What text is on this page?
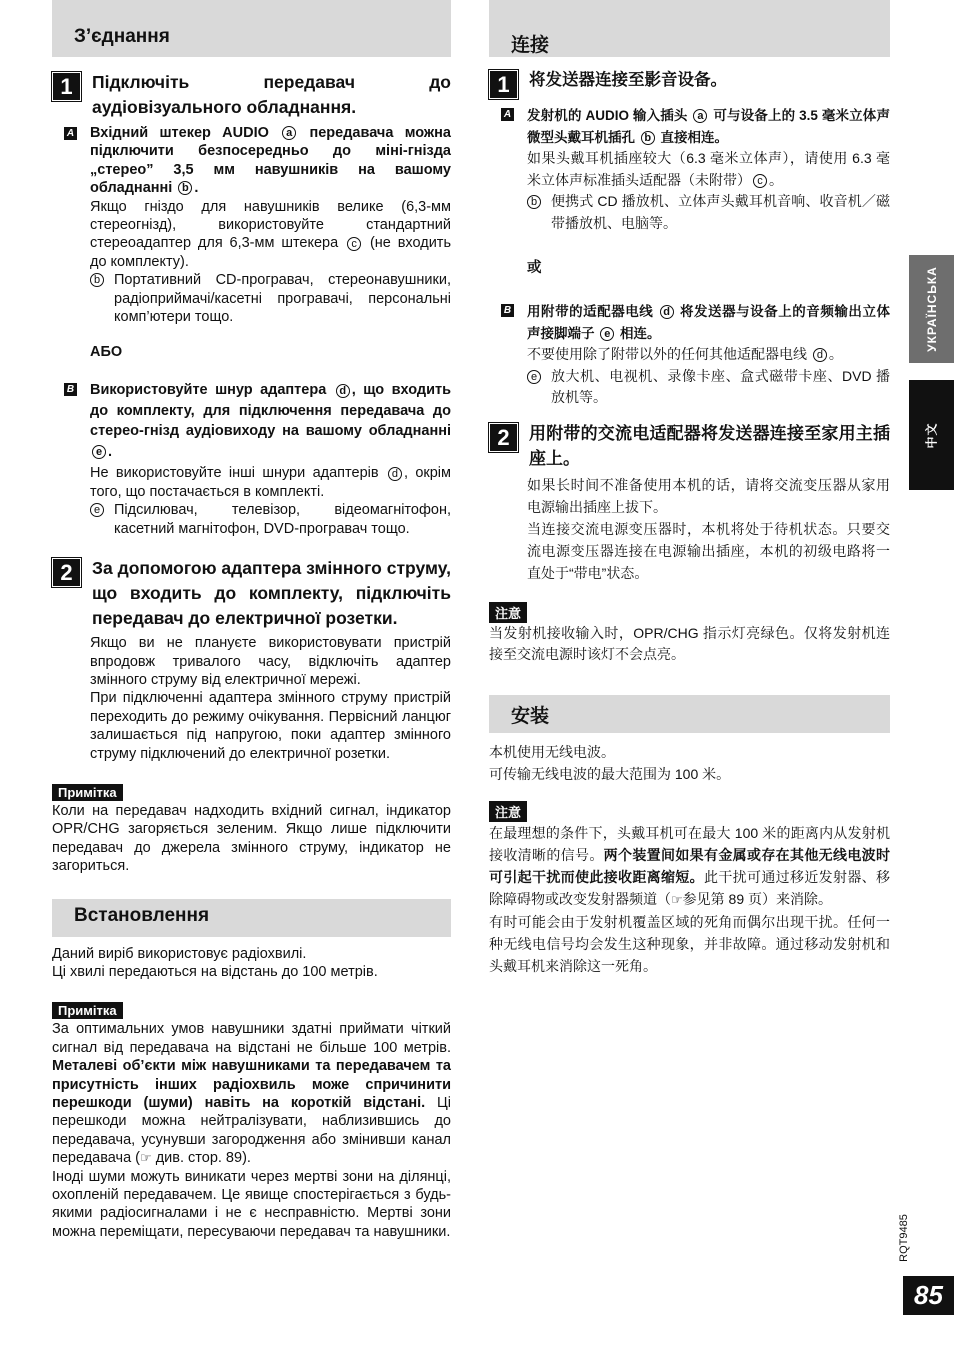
З’єднання
1	Підключіть передавач до аудіовізуального обладнання.
A Вхідний штекер AUDIO a передавача можна підключити безпосередньо до міні-гнізда „стерео” 3,5 мм навушників на вашому обладнанні b .
Якщо гніздо для навушників велике (6,3-мм стереогнізд), використовуйте стандартний стереоадаптер для 6,3-мм штекера c (не входить до комплекту).
b Портативний CD-програвач, стереонавушники, радіоприймачі/касетні програвачі, персональні комп’ютери тощо.
АБО
B Використовуйте шнур адаптера d , що входить до комплекту, для підключення передавача до стерео-гнізд аудіовиходу на вашому обладнанні e .
Не використовуйте інші шнури адаптерів d , окрім того, що постачається в комплекті.
e Підсилювач, телевізор, відеомагнітофон, касетний магнітофон, DVD-програвач тощо.
2	За допомогою адаптера змінного струму, що входить до комплекту, підключіть передавач до електричної розетки.
Якщо ви не плануєте використовувати пристрій впродовж тривалого часу, відключіть адаптер змінного струму від електричної мережі.
При підключенні адаптера змінного струму пристрій переходить до режиму очікування. Первісний ланцюг залишається під напругою, поки адаптер змінного струму підключений до електричної розетки.
Примітка
Коли на передавач надходить вхідний сигнал, індикатор OPR/CHG загоряється зеленим. Якщо лише підключити передавач до джерела змінного струму, індикатор не загориться.
Встановлення
Даний виріб використовує радіохвилі.
Ці хвилі передаються на відстань до 100 метрів.
Примітка
За оптимальних умов навушники здатні приймати чіткий сигнал від передавача на відстані не більше 100 метрів. Металеві об’єкти між навушниками та передавачем та присутність інших радіохвиль може спричинити перешкоди (шуми) навіть на короткій відстані. Ці перешкоди можна нейтралізувати, наблизившись до передавача, усунувши загородження або змінивши канал передавача (☞ див. стор. 89).
Іноді шуми можуть виникати через мертві зони на ділянці, охопленій передавачем. Це явище спостерігається з будь-якими радіосигналами і не є несправністю. Мертві зони можна переміщати, пересуваючи передавач та навушники.
连接
1	将发送器连接至影音设备。
A 发射机的 AUDIO 输入插头 a 可与设备上的 3.5 毫米立体声微型头戴耳机插孔 b 直接相连。
如果头戴耳机插座较大（6.3 毫米立体声），请使用 6.3 毫米立体声标准插头适配器（未附带） c 。
b 便携式 CD 播放机、立体声头戴耳机音响、收音机／磁带播放机、电脑等。
或
B 用附带的适配器电线 d 将发送器与设备上的音频输出立体声接脚端子 e 相连。
不要使用除了附带以外的任何其他适配器电线 d 。
e 放大机、电视机、录像卡座、盒式磁带卡座、DVD 播放机等。
2	用附带的交流电适配器将发送器连接至家用主插座上。
如果长时间不准备使用本机的话，请将交流变压器从家用电源输出插座上拔下。
当连接交流电源变压器时，本机将处于待机状态。只要交流电源变压器连接在电源输出插座，本机的初级电路将一直处于“带电”状态。
注意
当发射机接收输入时，OPR/CHG 指示灯亮绿色。仅将发射机连接至交流电源时该灯不会点亮。
安装
本机使用无线电波。
可传输无线电波的最大范围为 100 米。
注意
在最理想的条件下，头戴耳机可在最大 100 米的距离内从发射机接收清晰的信号。两个装置间如果有金属或存在其他无线电波时可引起干扰而使此接收距离缩短。此干扰可通过移近发射器、移除障碍物或改变发射器频道（☞参见第 89 页）来消除。
有时可能会由于发射机覆盖区域的死角而偶尔出现干扰。任何一种无线电信号均会发生这种现象，并非故障。通过移动发射机和头戴耳机来消除这一死角。
УКРАЇНСЬКА
中文
RQT9485
85
